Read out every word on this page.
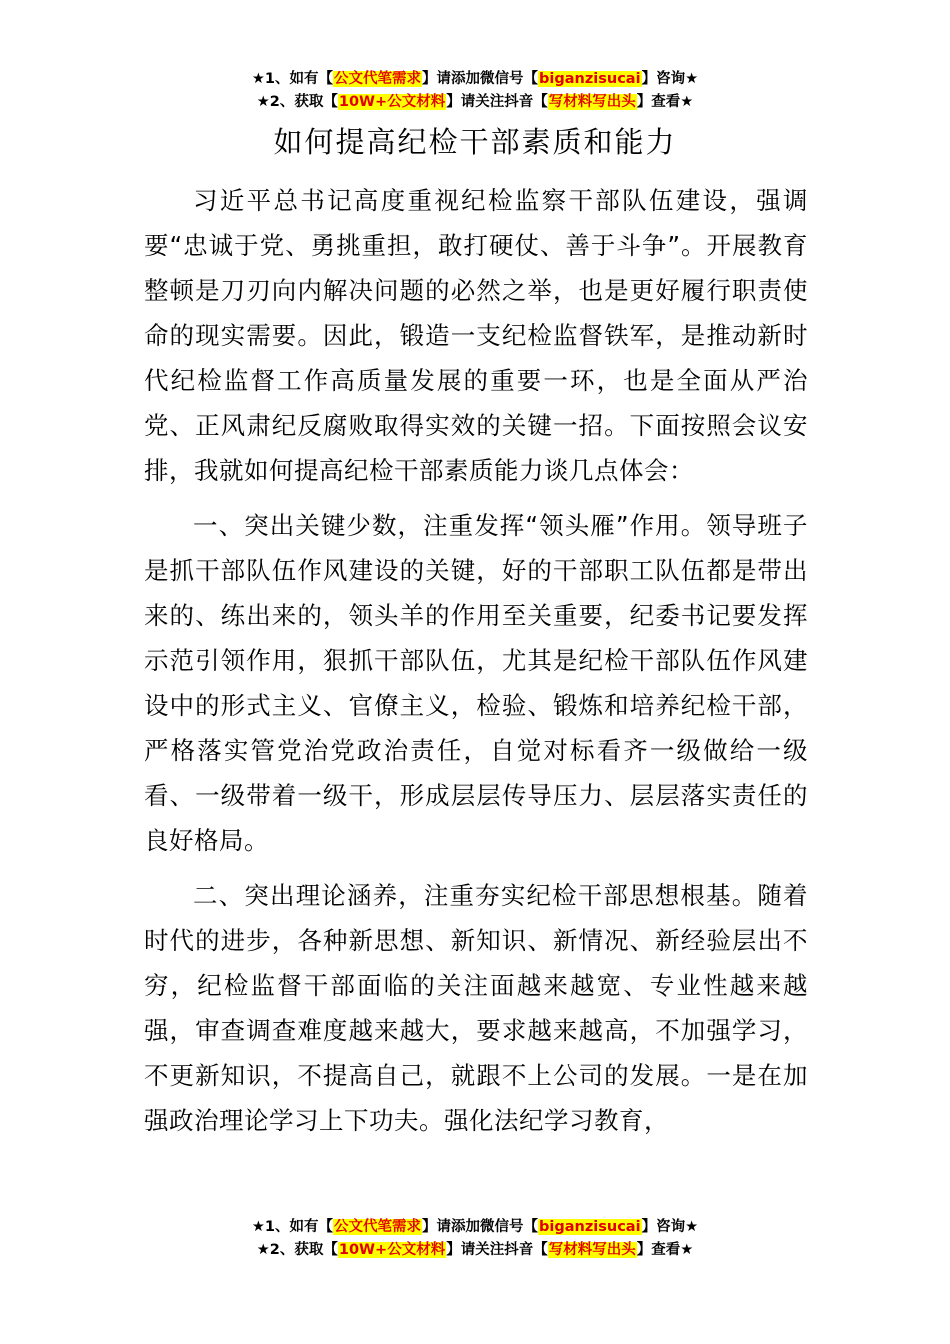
★1、如有【公文代笔需求】请添加微信号【biganzisucai】咨询★
★2、获取【10W+公文材料】请关注抖音【写材料写出头】查看★
如何提高纪检干部素质和能力

习近平总书记高度重视纪检监察干部队伍建设，强调要“忠诚于党、勇挑重担，敢打硬仗、善于斗争”。开展教育整顿是刀刃向内解决问题的必然之举，也是更好履行职责使命的现实需要。因此，锻造一支纪检监督铁军，是推动新时代纪检监督工作高质量发展的重要一环，也是全面从严治党、正风肃纪反腐败取得实效的关键一招。下面按照会议安排，我就如何提高纪检干部素质能力谈几点体会：

一、突出关键少数，注重发挥“领头雁”作用。领导班子是抓干部队伍作风建设的关键，好的干部职工队伍都是带出来的、练出来的，领头羊的作用至关重要，纪委书记要发挥示范引领作用，狠抓干部队伍，尤其是纪检干部队伍作风建设中的形式主义、官僚主义，检验、锻炼和培养纪检干部，严格落实管党治党政治责任，自觉对标看齐一级做给一级看、一级带着一级干，形成层层传导压力、层层落实责任的良好格局。

二、突出理论涵养，注重夯实纪检干部思想根基。随着时代的进步，各种新思想、新知识、新情况、新经验层出不穷，纪检监督干部面临的关注面越来越宽、专业性越来越强，审查调查难度越来越大，要求越来越高，不加强学习，不更新知识，不提高自己，就跟不上公司的发展。一是在加强政治理论学习上下功夫。强化法纪学习教育，

★1、如有【公文代笔需求】请添加微信号【biganzisucai】咨询★
★2、获取【10W+公文材料】请关注抖音【写材料写出头】查看★
